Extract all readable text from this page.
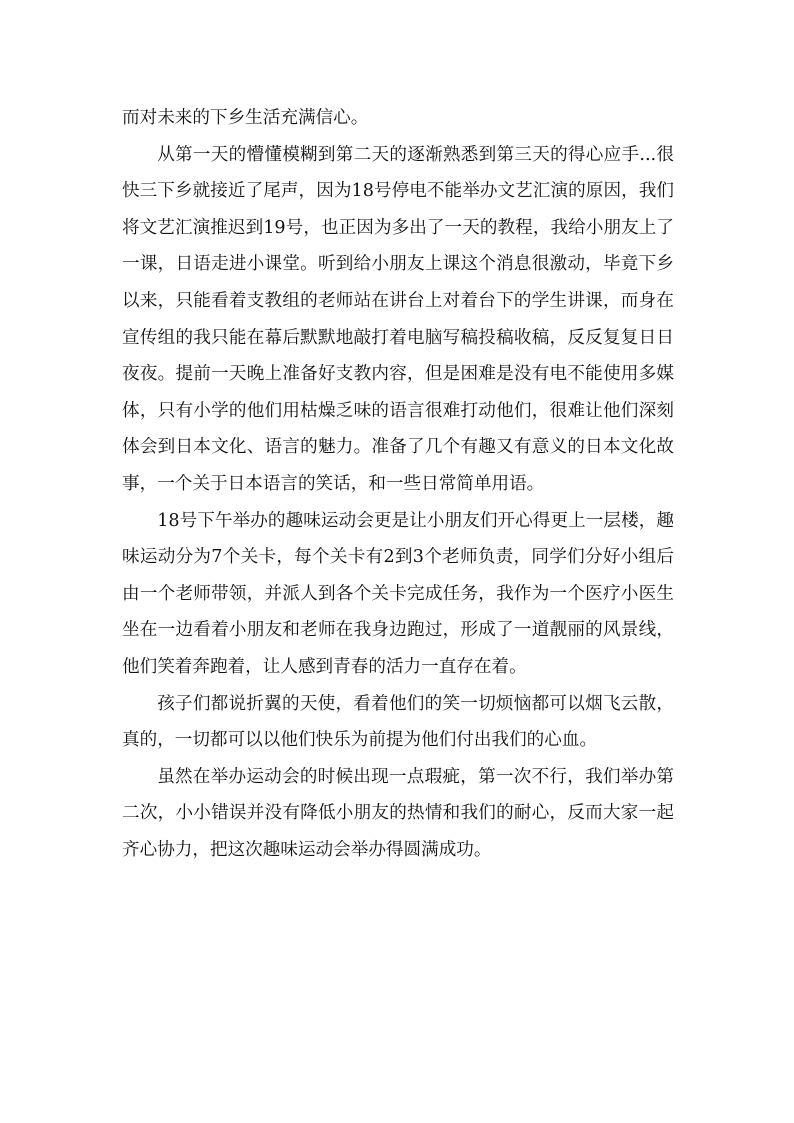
而对未来的下乡生活充满信心。

从第一天的懵懂模糊到第二天的逐渐熟悉到第三天的得心应手...很快三下乡就接近了尾声，因为18号停电不能举办文艺汇演的原因，我们将文艺汇演推迟到19号，也正因为多出了一天的教程，我给小朋友上了一课，日语走进小课堂。听到给小朋友上课这个消息很激动，毕竟下乡以来，只能看着支教组的老师站在讲台上对着台下的学生讲课，而身在宣传组的我只能在幕后默默地敲打着电脑写稿投稿收稿，反反复复日日夜夜。提前一天晚上准备好支教内容，但是困难是没有电不能使用多媒体，只有小学的他们用枯燥乏味的语言很难打动他们，很难让他们深刻体会到日本文化、语言的魅力。准备了几个有趣又有意义的日本文化故事，一个关于日本语言的笑话，和一些日常简单用语。

18号下午举办的趣味运动会更是让小朋友们开心得更上一层楼，趣味运动分为7个关卡，每个关卡有2到3个老师负责，同学们分好小组后由一个老师带领，并派人到各个关卡完成任务，我作为一个医疗小医生坐在一边看着小朋友和老师在我身边跑过，形成了一道靓丽的风景线，他们笑着奔跑着，让人感到青春的活力一直存在着。

孩子们都说折翼的天使，看着他们的笑一切烦恼都可以烟飞云散，真的，一切都可以以他们快乐为前提为他们付出我们的心血。

虽然在举办运动会的时候出现一点瑕疵，第一次不行，我们举办第二次，小小错误并没有降低小朋友的热情和我们的耐心，反而大家一起齐心协力，把这次趣味运动会举办得圆满成功。
